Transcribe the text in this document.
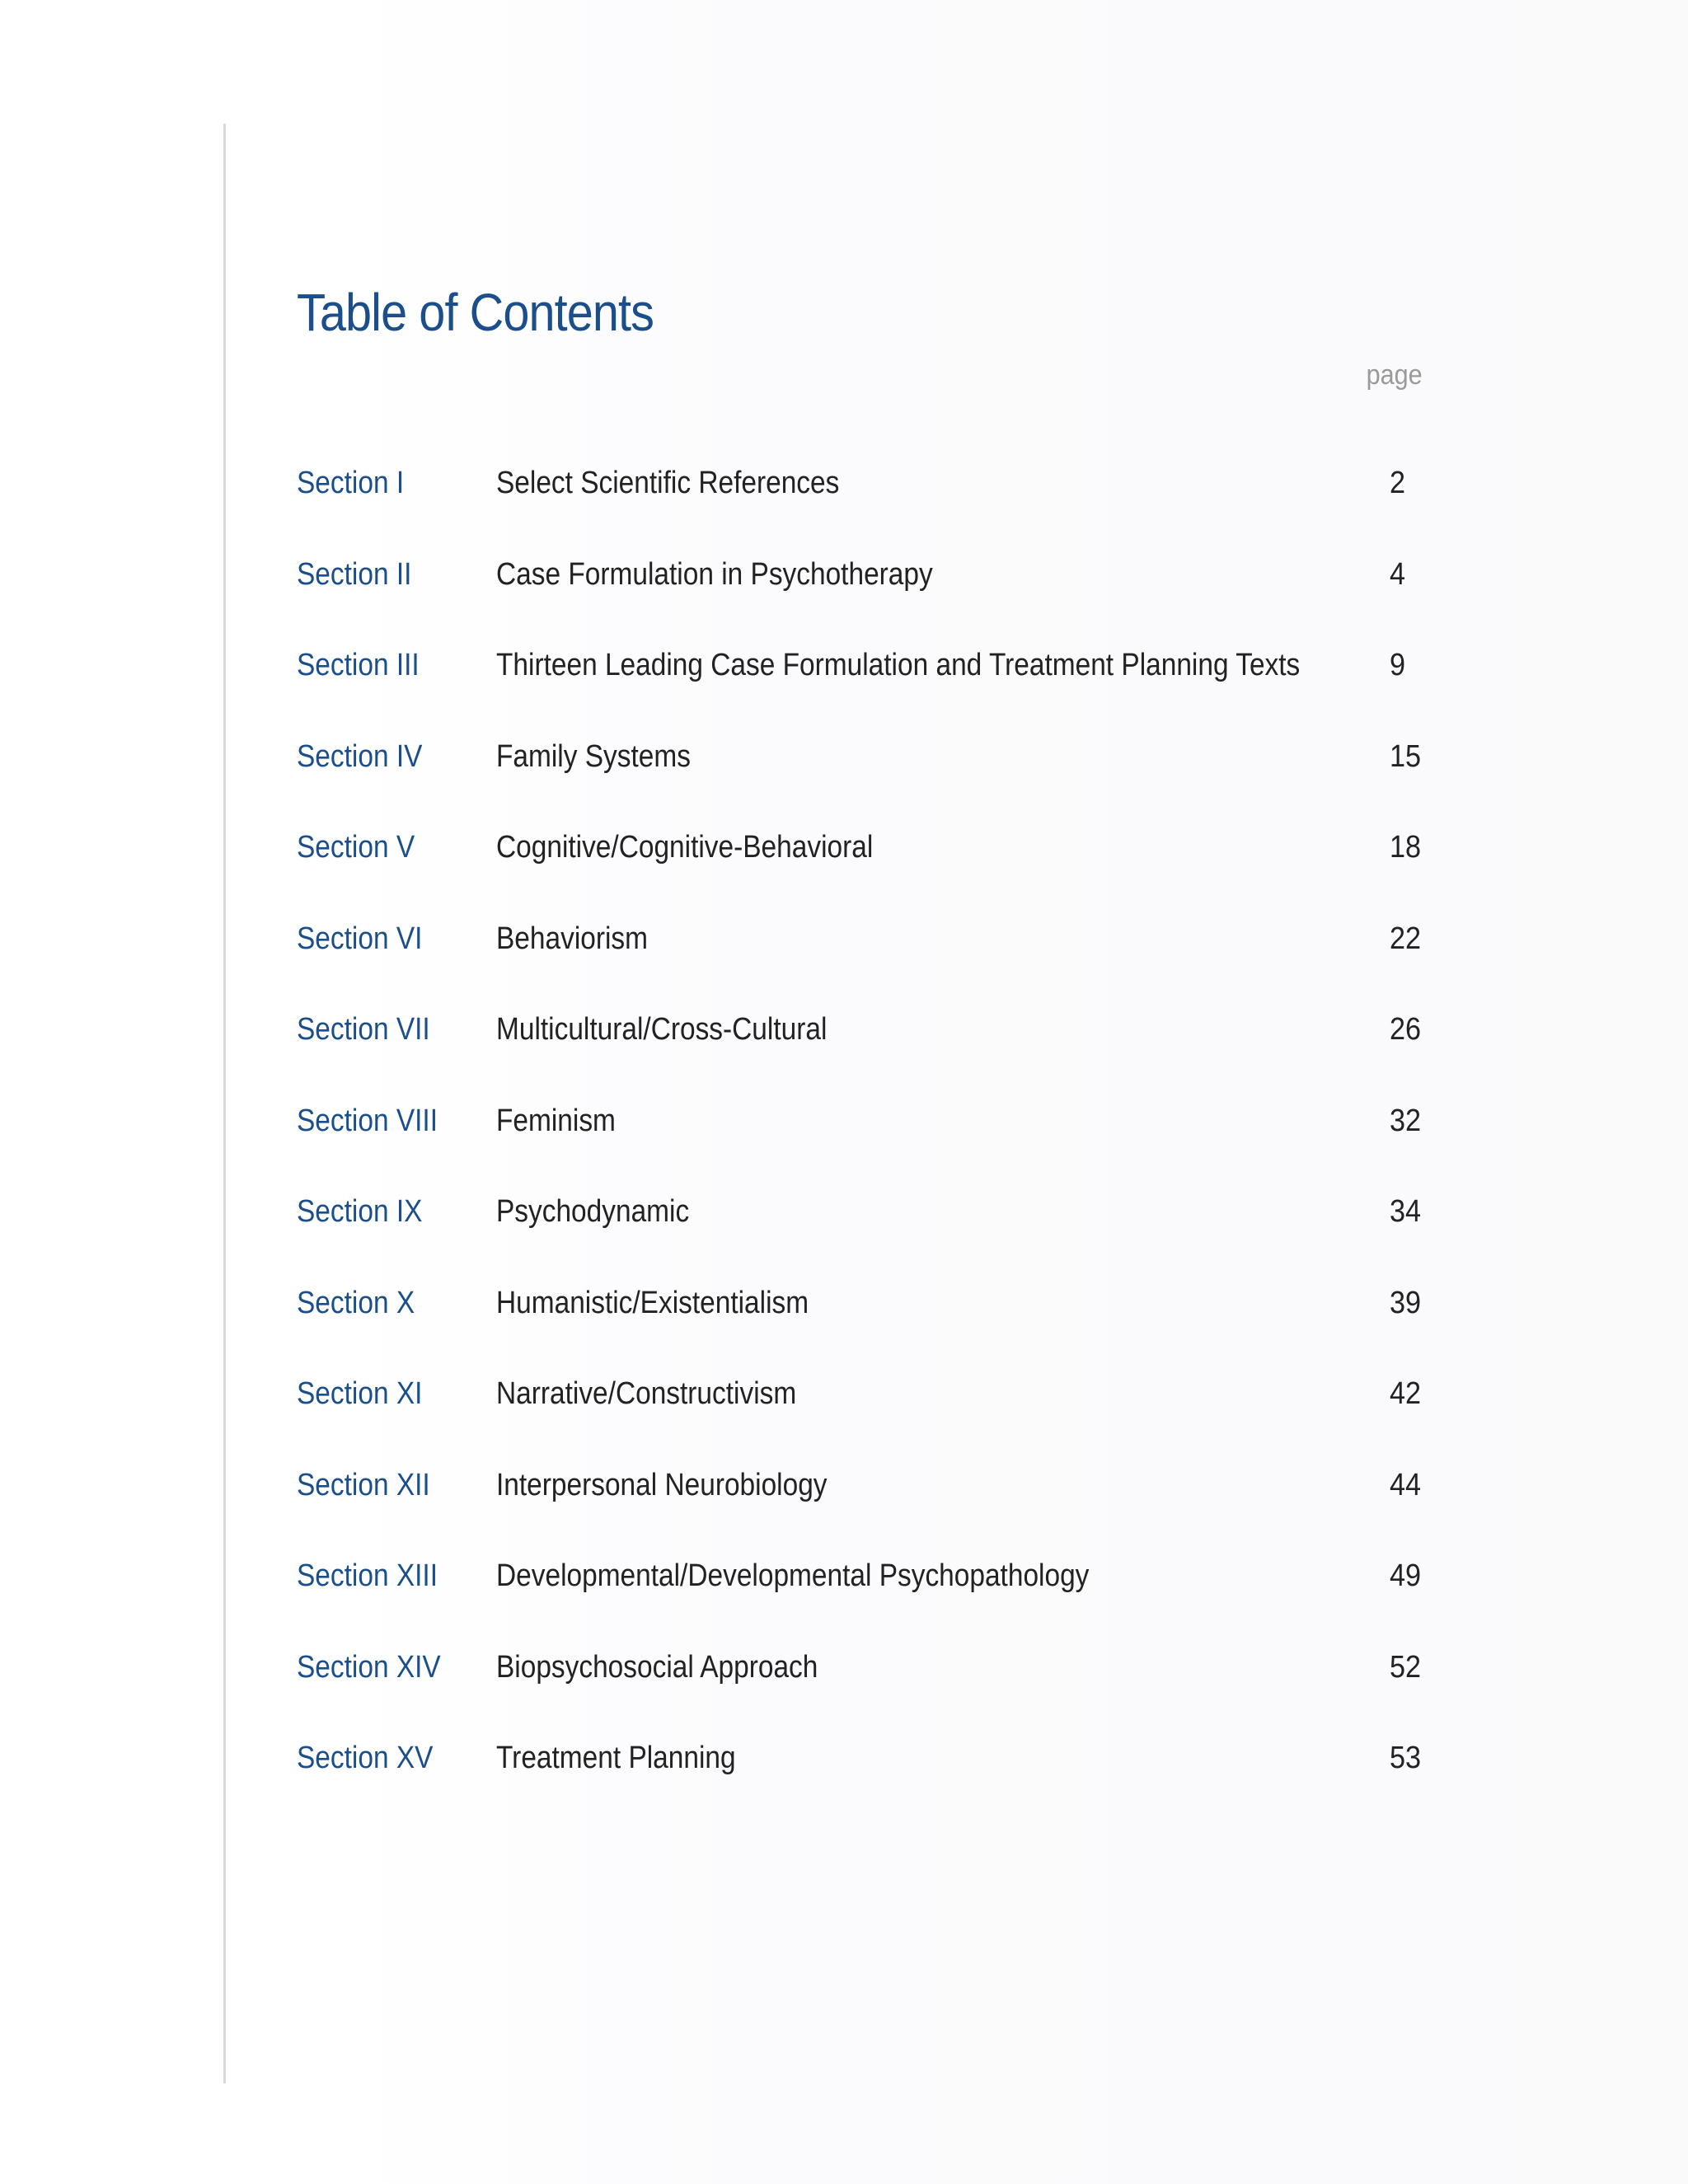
Table of Contents
page
Section I	Select Scientific References	2
Section II	Case Formulation in Psychotherapy	4
Section III Thirteen Leading Case Formulation and Treatment Planning Texts	9
Section IV Family Systems	15
Section V	Cognitive/Cognitive-Behavioral	18
Section VI Behaviorism	22
Section VII Multicultural/Cross-Cultural	26
Section VIII Feminism	32
Section IX Psychodynamic	34
Section X	Humanistic/Existentialism	39
Section XI Narrative/Constructivism	42
Section XII Interpersonal Neurobiology	44
Section XIII Developmental/Developmental Psychopathology	49
Section XIV Biopsychosocial Approach	52
Section XV Treatment Planning	53
